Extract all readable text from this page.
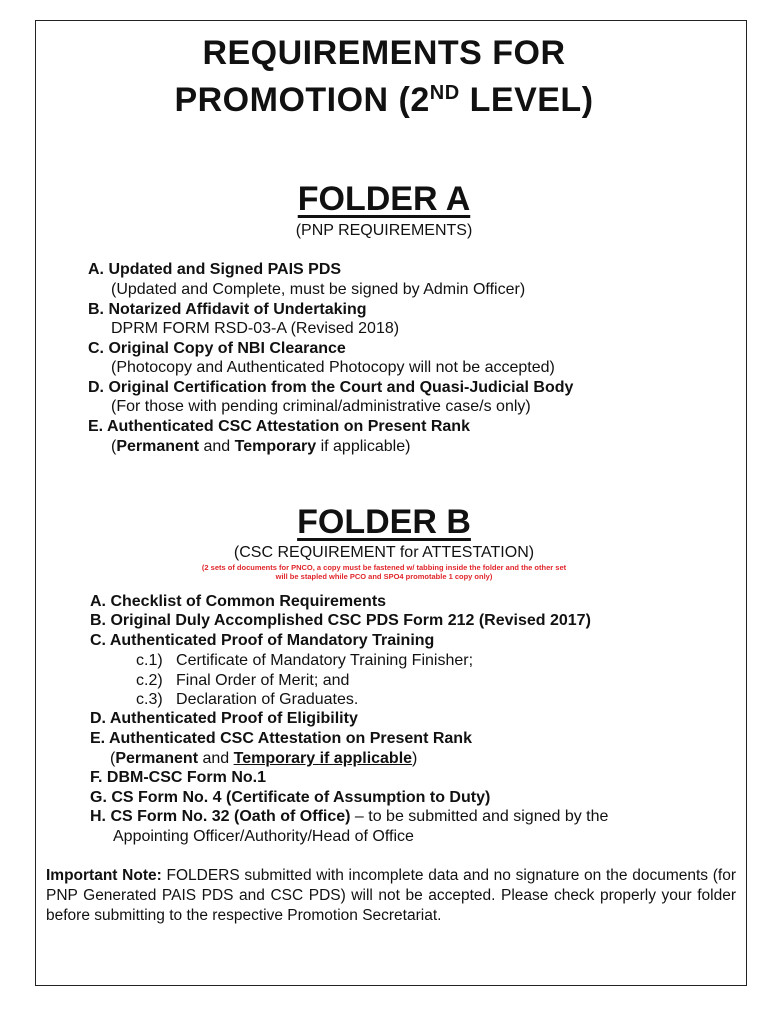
REQUIREMENTS FOR
PROMOTION (2ND LEVEL)
FOLDER A
(PNP REQUIREMENTS)
A. Updated and Signed PAIS PDS
(Updated and Complete, must be signed by Admin Officer)
B. Notarized Affidavit of Undertaking
DPRM FORM RSD-03-A (Revised 2018)
C. Original Copy of NBI Clearance
(Photocopy and Authenticated Photocopy will not be accepted)
D. Original Certification from the Court and Quasi-Judicial Body
(For those with pending criminal/administrative case/s only)
E. Authenticated CSC Attestation on Present Rank
(Permanent and Temporary if applicable)
FOLDER B
(CSC REQUIREMENT for ATTESTATION)
(2 sets of documents for PNCO, a copy must be fastened w/ tabbing inside the folder and the other set
will be stapled while PCO and SPO4 promotable 1 copy only)
A. Checklist of Common Requirements
B. Original Duly Accomplished CSC PDS Form 212 (Revised 2017)
C. Authenticated Proof of Mandatory Training
c.1)   Certificate of Mandatory Training Finisher;
c.2)   Final Order of Merit; and
c.3)   Declaration of Graduates.
D. Authenticated Proof of Eligibility
E. Authenticated CSC Attestation on Present Rank
(Permanent and Temporary if applicable)
F. DBM-CSC Form No.1
G. CS Form No. 4 (Certificate of Assumption to Duty)
H. CS Form No. 32 (Oath of Office) – to be submitted and signed by the
Appointing Officer/Authority/Head of Office
Important Note: FOLDERS submitted with incomplete data and no signature on the documents (for PNP Generated PAIS PDS and CSC PDS) will not be accepted. Please check properly your folder before submitting to the respective Promotion Secretariat.
